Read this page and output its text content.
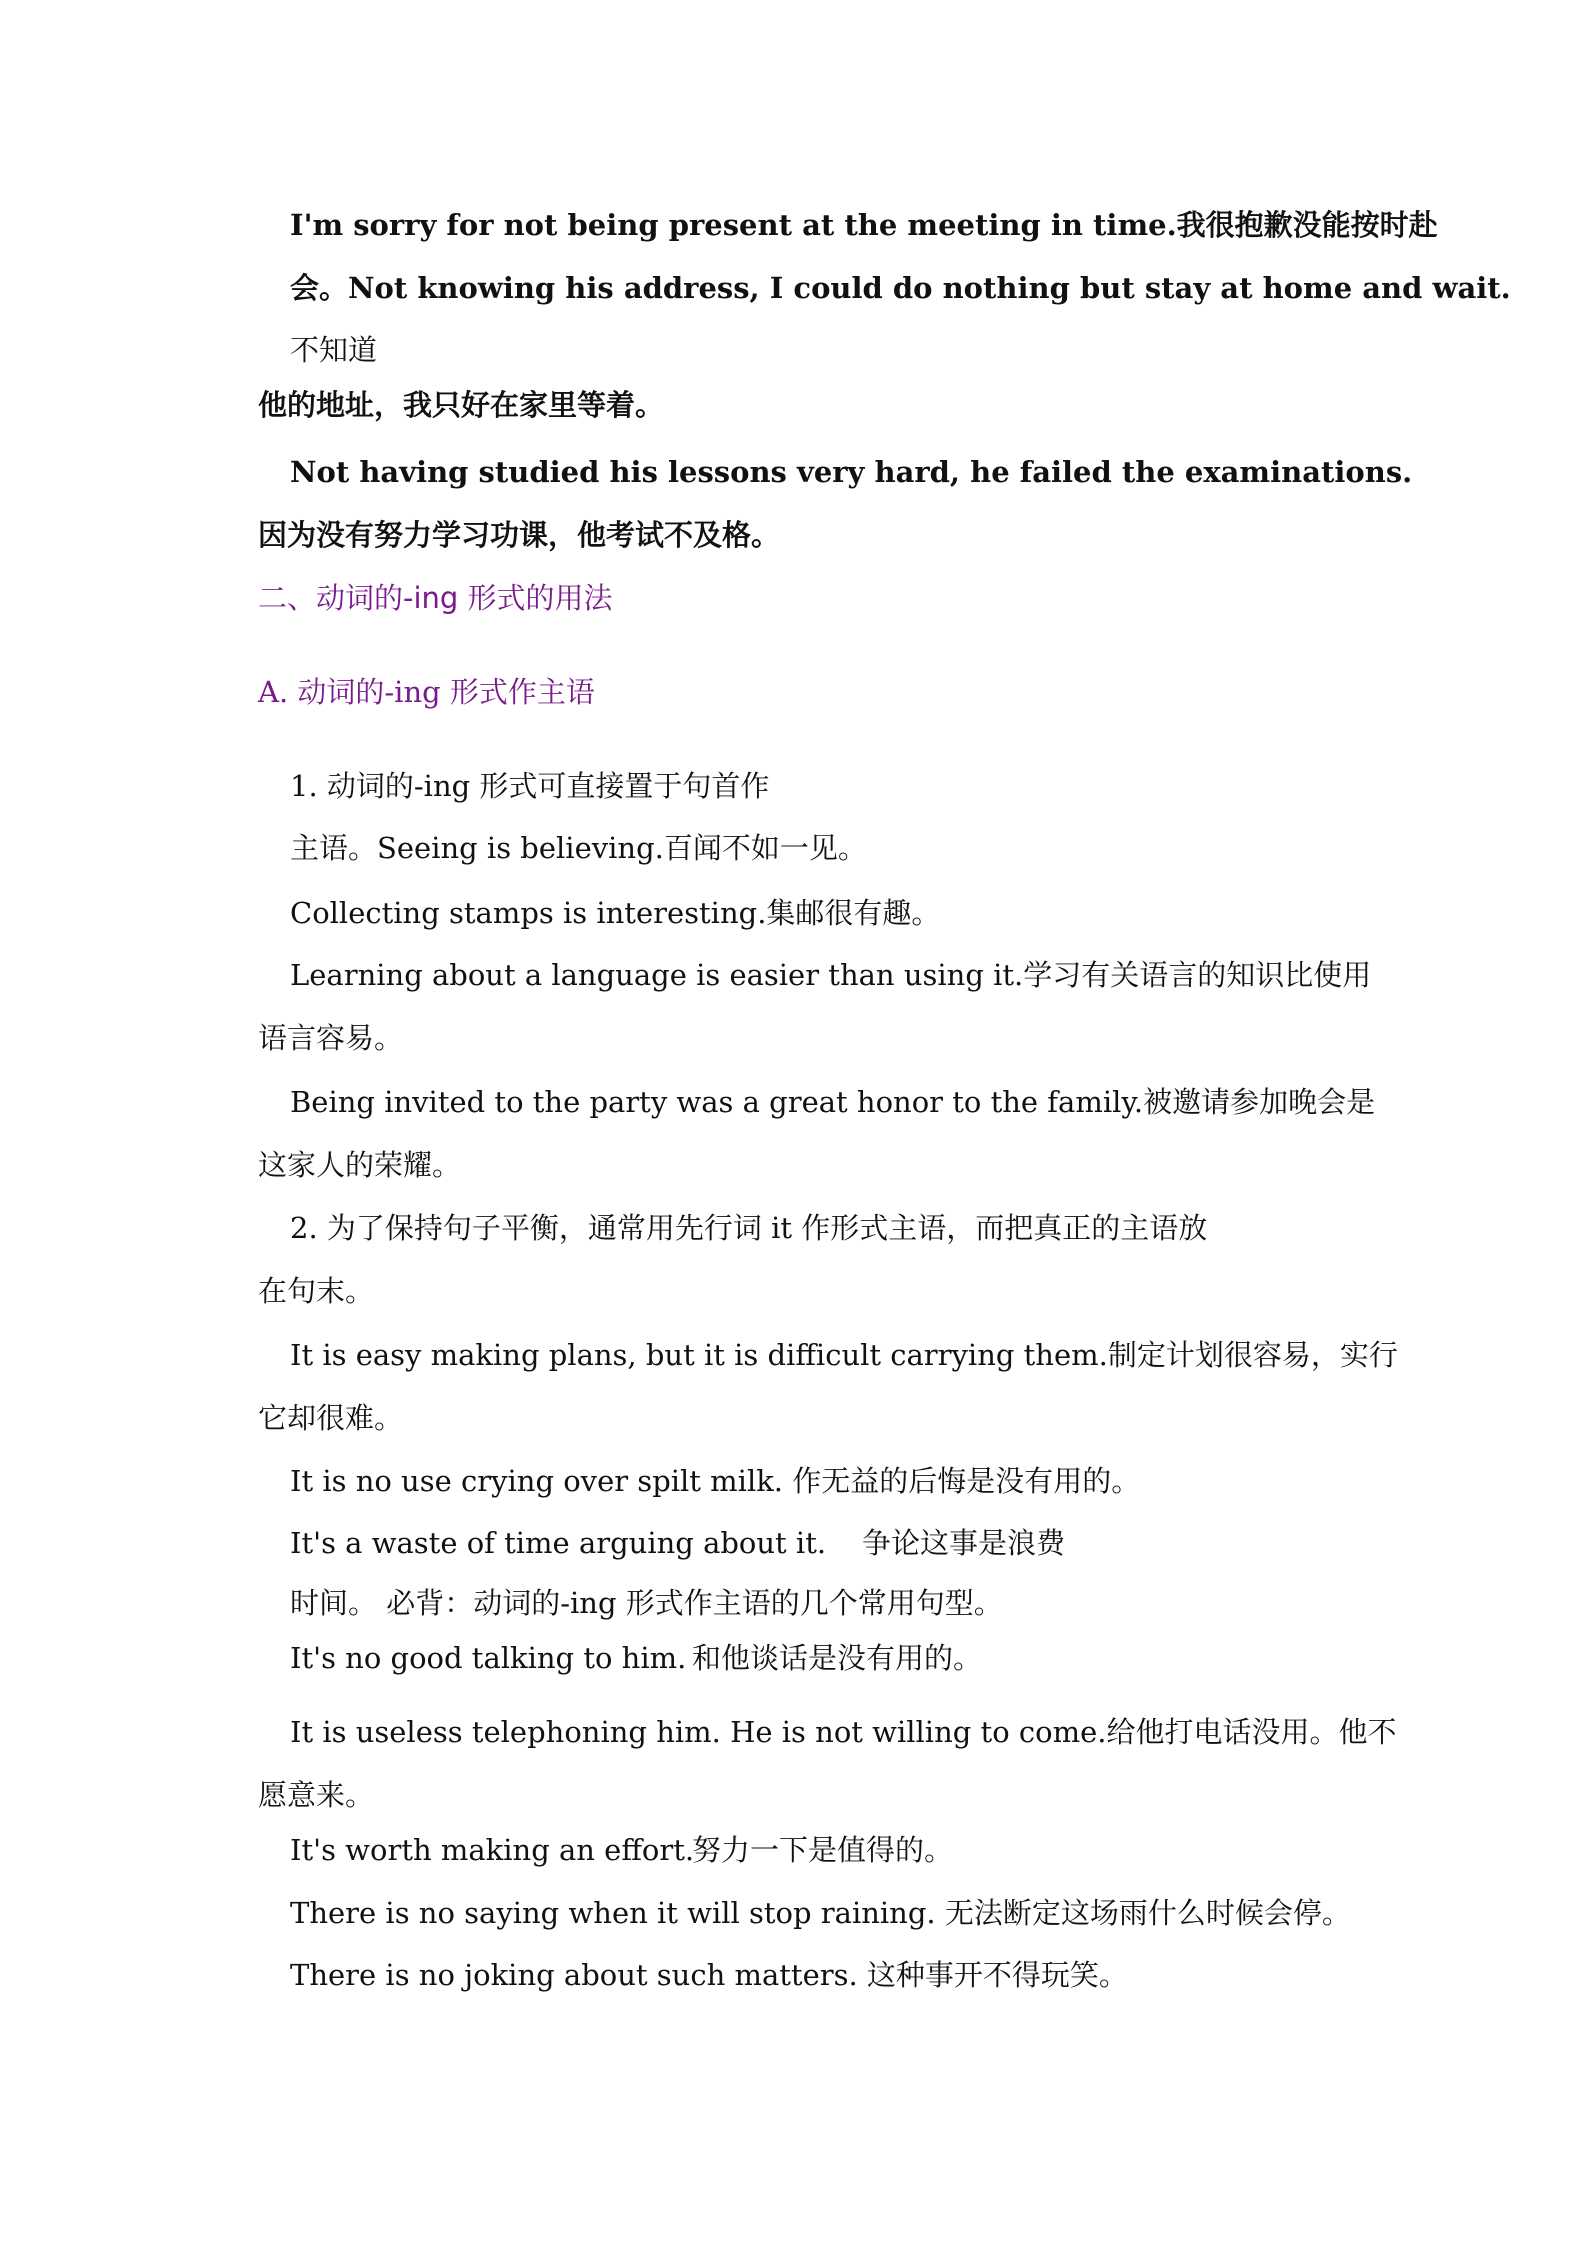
I'm sorry for not being present at the meeting in time.我很抱歉没能按时赴
会。Not knowing his address, I could do nothing but stay at home and wait.
不知道
他的地址，我只好在家里等着。
Not having studied his lessons very hard, he failed the examinations.
因为没有努力学习功课，他考试不及格。
二、动词的-ing 形式的用法
A. 动词的-ing 形式作主语
1. 动词的-ing 形式可直接置于句首作
主语。Seeing is believing.百闻不如一见。
Collecting stamps is interesting.集邮很有趣。
Learning about a language is easier than using it.学习有关语言的知识比使用
语言容易。
Being invited to the party was a great honor to the family.被邀请参加晚会是
这家人的荣耀。
2. 为了保持句子平衡，通常用先行词 it 作形式主语，而把真正的主语放
在句末。
It is easy making plans, but it is difficult carrying them.制定计划很容易，实行
它却很难。
It is no use crying over spilt milk. 作无益的后悔是没有用的。
It's a waste of time arguing about it. 争论这事是浪费
时间。 必背：动词的-ing 形式作主语的几个常用句型。
It's no good talking to him. 和他谈话是没有用的。
It is useless telephoning him. He is not willing to come.给他打电话没用。他不
愿意来。
It's worth making an effort.
努力一下是值得的。
There is no saying when it will stop raining. 无法断定这场雨什么时候会停。
There is no joking about such matters. 这种事开不得玩笑。
